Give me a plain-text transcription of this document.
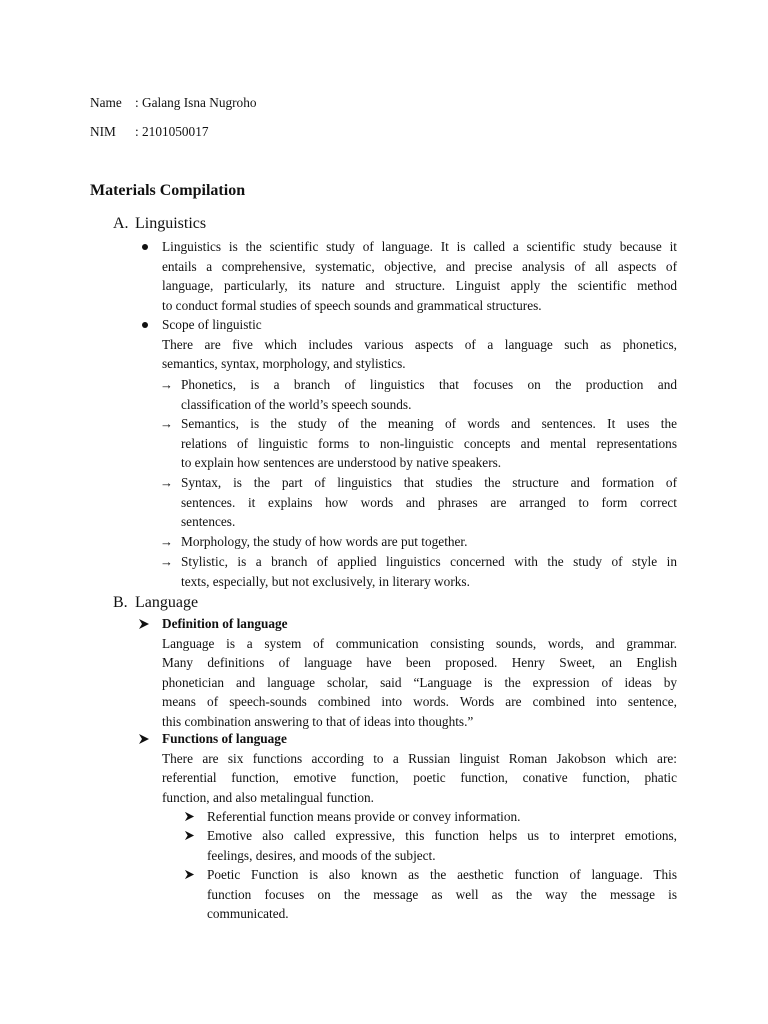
Name : Galang Isna Nugroho
NIM : 2101050017
Materials Compilation
A. Linguistics
Linguistics is the scientific study of language. It is called a scientific study because it
entails a comprehensive, systematic, objective, and precise analysis of all aspects of
language, particularly, its nature and structure. Linguist apply the scientific method
to conduct formal studies of speech sounds and grammatical structures.
Scope of linguistic
There are five which includes various aspects of a language such as phonetics,
semantics, syntax, morphology, and stylistics.
→ Phonetics, is a branch of linguistics that focuses on the production and
classification of the world’s speech sounds.
→ Semantics, is the study of the meaning of words and sentences. It uses the
relations of linguistic forms to non-linguistic concepts and mental representations
to explain how sentences are understood by native speakers.
→ Syntax, is the part of linguistics that studies the structure and formation of
sentences. it explains how words and phrases are arranged to form correct
sentences.
→ Morphology, the study of how words are put together.
→ Stylistic, is a branch of applied linguistics concerned with the study of style in
texts, especially, but not exclusively, in literary works.
B. Language
Definition of language
Language is a system of communication consisting sounds, words, and grammar.
Many definitions of language have been proposed. Henry Sweet, an English
phonetician and language scholar, said “Language is the expression of ideas by
means of speech-sounds combined into words. Words are combined into sentence,
this combination answering to that of ideas into thoughts.”
Functions of language
There are six functions according to a Russian linguist Roman Jakobson which are:
referential function, emotive function, poetic function, conative function, phatic
function, and also metalingual function.
Referential function means provide or convey information.
Emotive also called expressive, this function helps us to interpret emotions,
feelings, desires, and moods of the subject.
Poetic Function is also known as the aesthetic function of language. This
function focuses on the message as well as the way the message is
communicated.
